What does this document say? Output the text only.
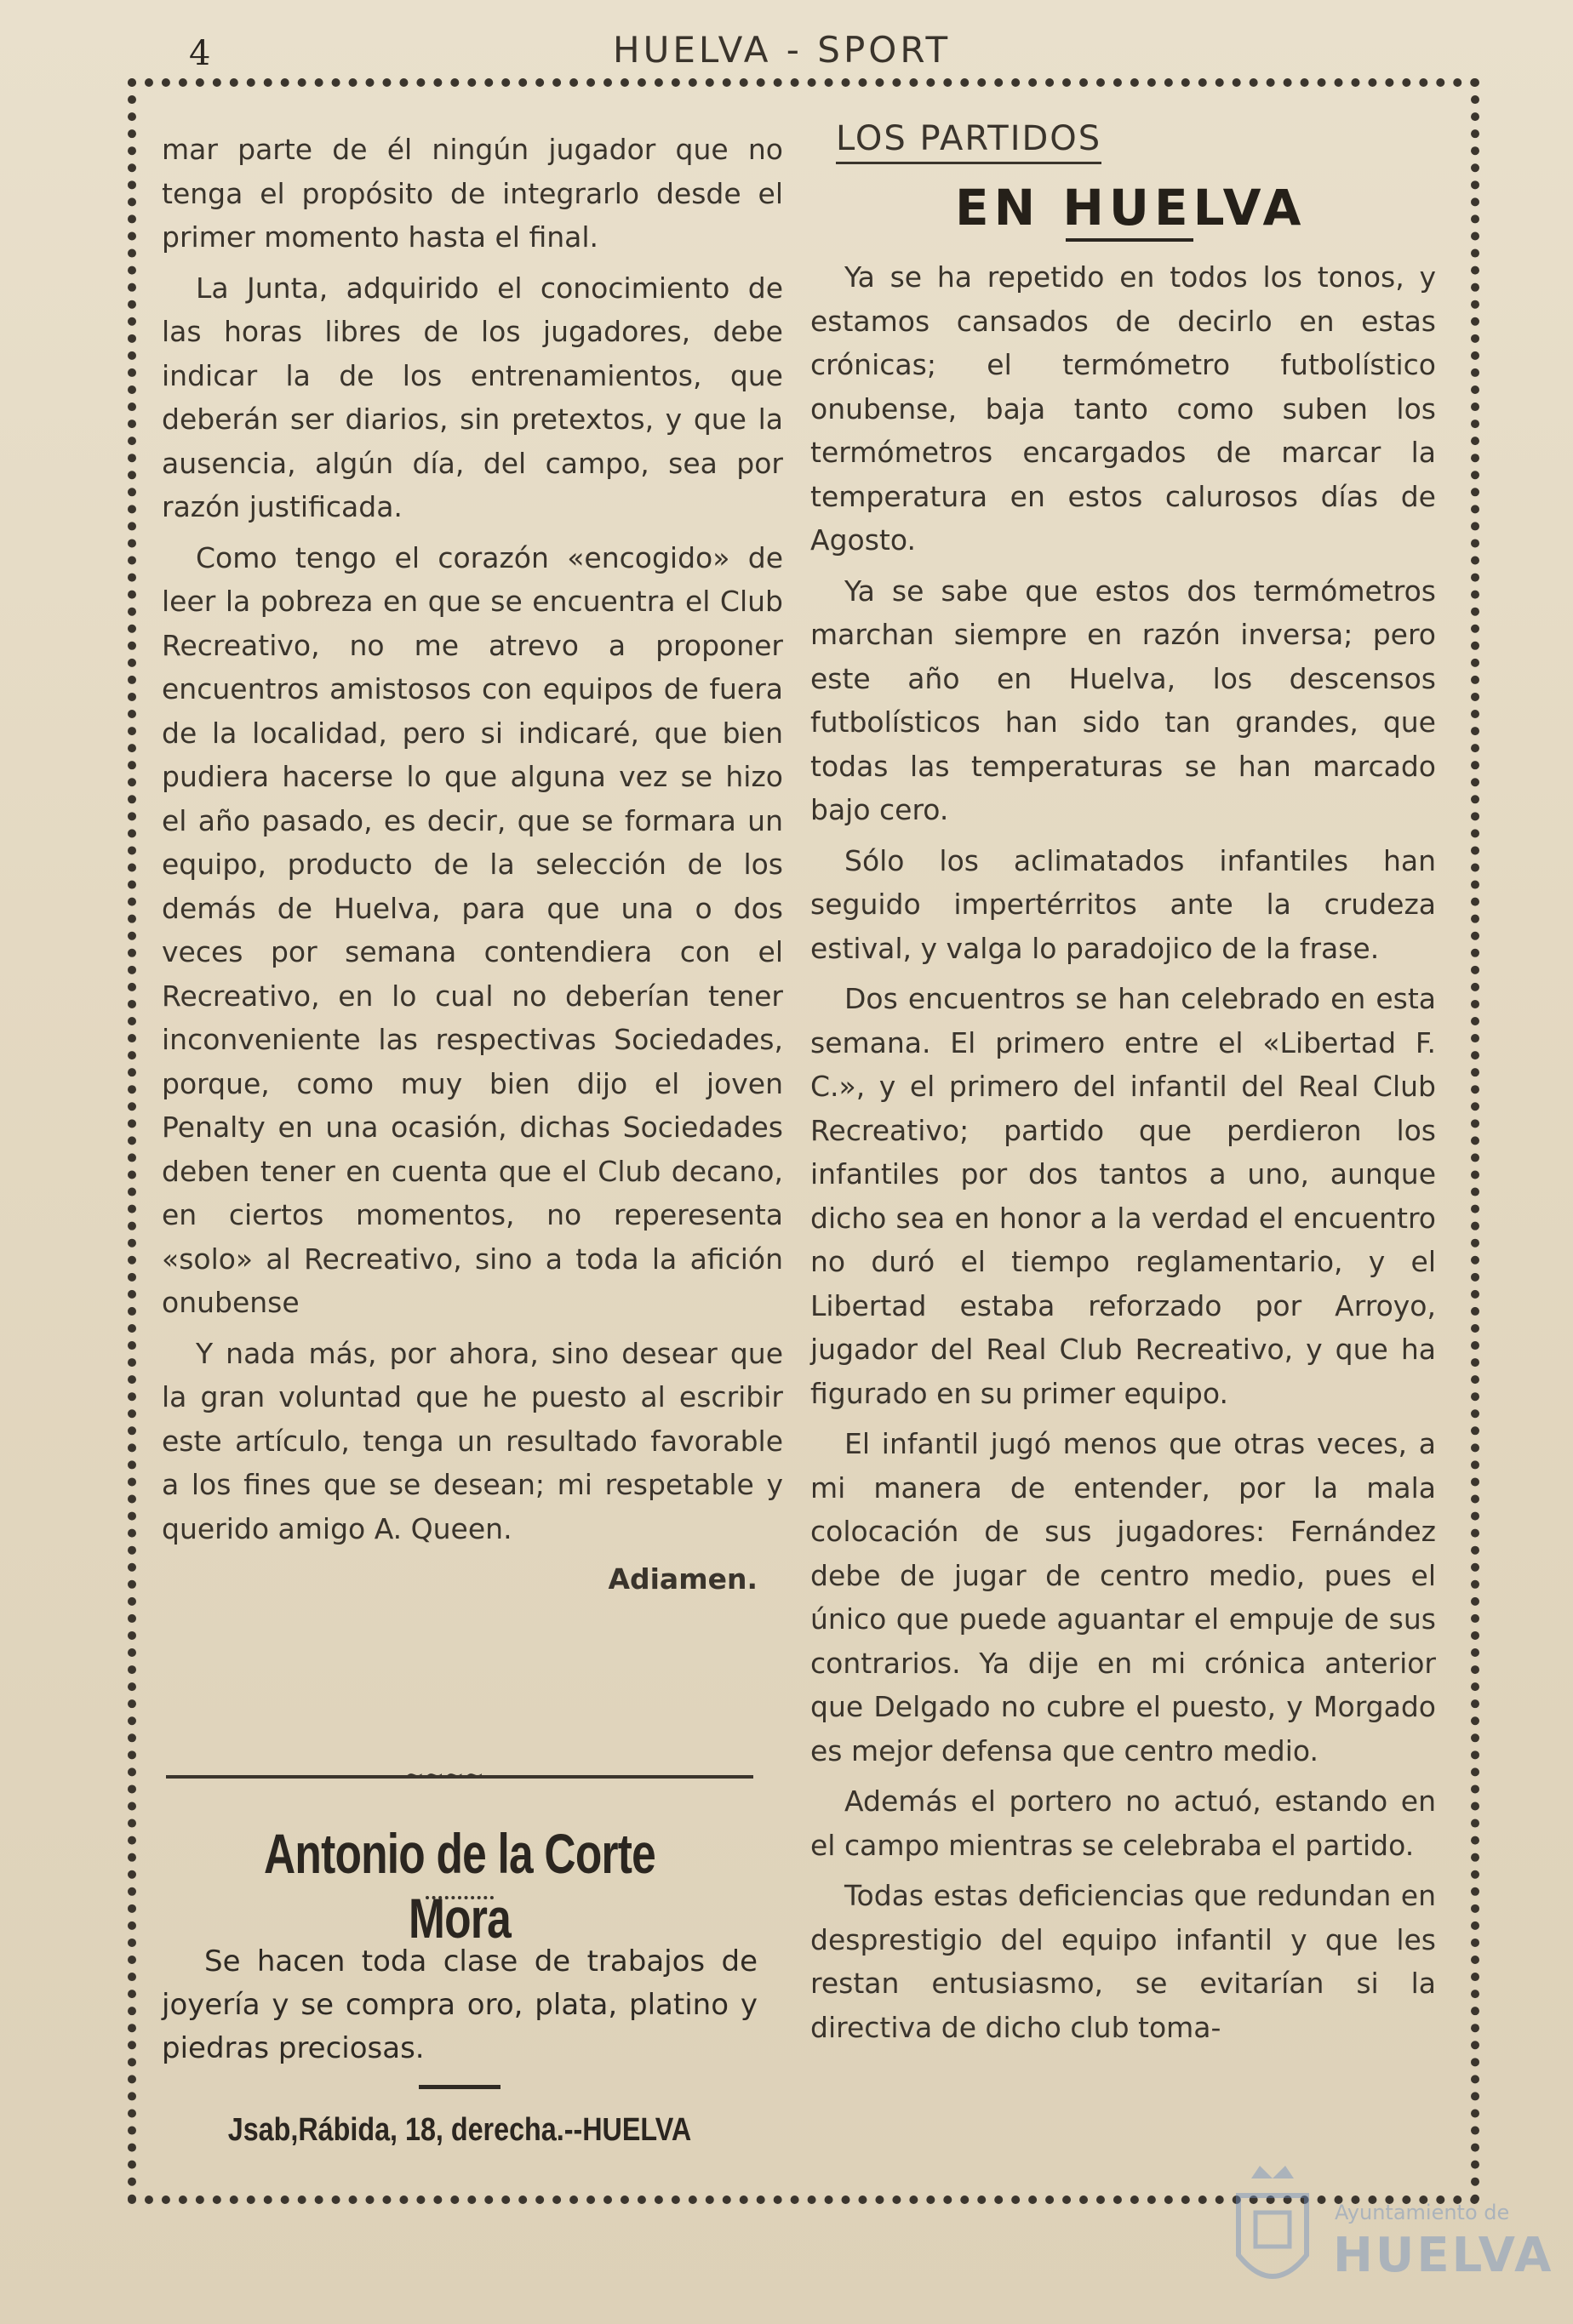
4	HUELVA - SPORT

mar parte de él ningún jugador que no tenga el propósito de integrarlo desde el primer momento hasta el final.

La Junta, adquirido el conocimiento de las horas libres de los jugadores, debe indicar la de los entrenamientos, que deberán ser diarios, sin pretextos, y que la ausencia, algún día, del campo, sea por razón justificada.

Como tengo el corazón «encogido» de leer la pobreza en que se encuentra el Club Recreativo, no me atrevo a proponer encuentros amistosos con equipos de fuera de la localidad, pero si indicaré, que bien pudiera hacerse lo que alguna vez se hizo el año pasado, es decir, que se formara un equipo, producto de la selección de los demás de Huelva, para que una o dos veces por semana contendiera con el Recreativo, en lo cual no deberían tener inconveniente las respectivas Sociedades, porque, como muy bien dijo el joven Penalty en una ocasión, dichas Sociedades deben tener en cuenta que el Club decano, en ciertos momentos, no reperesenta «solo» al Recreativo, sino a toda la afición onubense

Y nada más, por ahora, sino desear que la gran voluntad que he puesto al escribir este artículo, tenga un resultado favorable a los fines que se desean; mi respetable y querido amigo A. Queen.

Adiamen.
~~~~
Antonio de la Corte Mora
Se hacen toda clase de trabajos de joyería y se compra oro, plata, platino y piedras preciosas.
Jsab,Rábida, 18, derecha.--HUELVA
LOS PARTIDOS
EN HUELVA

Ya se ha repetido en todos los tonos, y estamos cansados de decirlo en estas crónicas; el termómetro futbolístico onubense, baja tanto como suben los termómetros encargados de marcar la temperatura en estos calurosos días de Agosto.

Ya se sabe que estos dos termómetros marchan siempre en razón inversa; pero este año en Huelva, los descensos futbolísticos han sido tan grandes, que todas las temperaturas se han marcado bajo cero.

Sólo los aclimatados infantiles han seguido impertérritos ante la crudeza estival, y valga lo paradojico de la frase.

Dos encuentros se han celebrado en esta semana. El primero entre el «Libertad F. C.», y el primero del infantil del Real Club Recreativo; partido que perdieron los infantiles por dos tantos a uno, aunque dicho sea en honor a la verdad el encuentro no duró el tiempo reglamentario, y el Libertad estaba reforzado por Arroyo, jugador del Real Club Recreativo, y que ha figurado en su primer equipo.

El infantil jugó menos que otras veces, a mi manera de entender, por la mala colocación de sus jugadores: Fernández debe de jugar de centro medio, pues el único que puede aguantar el empuje de sus contrarios. Ya dije en mi crónica anterior que Delgado no cubre el puesto, y Morgado es mejor defensa que centro medio.

Además el portero no actuó, estando en el campo mientras se celebraba el partido.

Todas estas deficiencias que redundan en desprestigio del equipo infantil y que les restan entusiasmo, se evitarían si la directiva de dicho club toma-

Ayuntamiento de
HUELVA
